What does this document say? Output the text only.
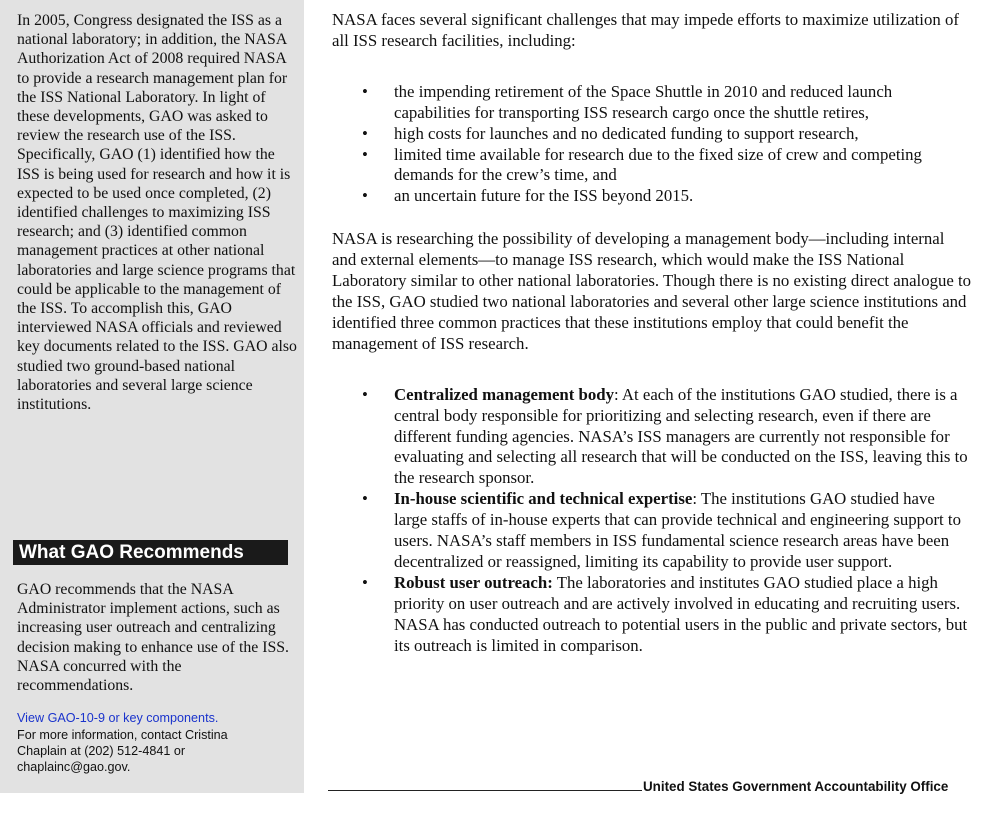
In 2005, Congress designated the ISS as a national laboratory; in addition, the NASA Authorization Act of 2008 required NASA to provide a research management plan for the ISS National Laboratory. In light of these developments, GAO was asked to review the research use of the ISS. Specifically, GAO (1) identified how the ISS is being used for research and how it is expected to be used once completed, (2) identified challenges to maximizing ISS research; and (3) identified common management practices at other national laboratories and large science programs that could be applicable to the management of the ISS. To accomplish this, GAO interviewed NASA officials and reviewed key documents related to the ISS. GAO also studied two ground-based national laboratories and several large science institutions.

What GAO Recommends

GAO recommends that the NASA Administrator implement actions, such as increasing user outreach and centralizing decision making to enhance use of the ISS. NASA concurred with the recommendations.

View GAO-10-9 or key components.

For more information, contact Cristina
Chaplain at (202) 512-4841 or
chaplainc@gao.gov.

NASA faces several significant challenges that may impede efforts to maximize utilization of all ISS research facilities, including:

• the impending retirement of the Space Shuttle in 2010 and reduced launch capabilities for transporting ISS research cargo once the shuttle retires,
• high costs for launches and no dedicated funding to support research,
• limited time available for research due to the fixed size of crew and competing demands for the crew’s time, and
• an uncertain future for the ISS beyond 2015.

NASA is researching the possibility of developing a management body—including internal and external elements—to manage ISS research, which would make the ISS National Laboratory similar to other national laboratories. Though there is no existing direct analogue to the ISS, GAO studied two national laboratories and several other large science institutions and identified three common practices that these institutions employ that could benefit the management of ISS research.

• Centralized management body: At each of the institutions GAO studied, there is a central body responsible for prioritizing and selecting research, even if there are different funding agencies. NASA’s ISS managers are currently not responsible for evaluating and selecting all research that will be conducted on the ISS, leaving this to the research sponsor.
• In-house scientific and technical expertise: The institutions GAO studied have large staffs of in-house experts that can provide technical and engineering support to users. NASA’s staff members in ISS fundamental science research areas have been decentralized or reassigned, limiting its capability to provide user support.
• Robust user outreach: The laboratories and institutes GAO studied place a high priority on user outreach and are actively involved in educating and recruiting users. NASA has conducted outreach to potential users in the public and private sectors, but its outreach is limited in comparison.
United States Government Accountability Office
